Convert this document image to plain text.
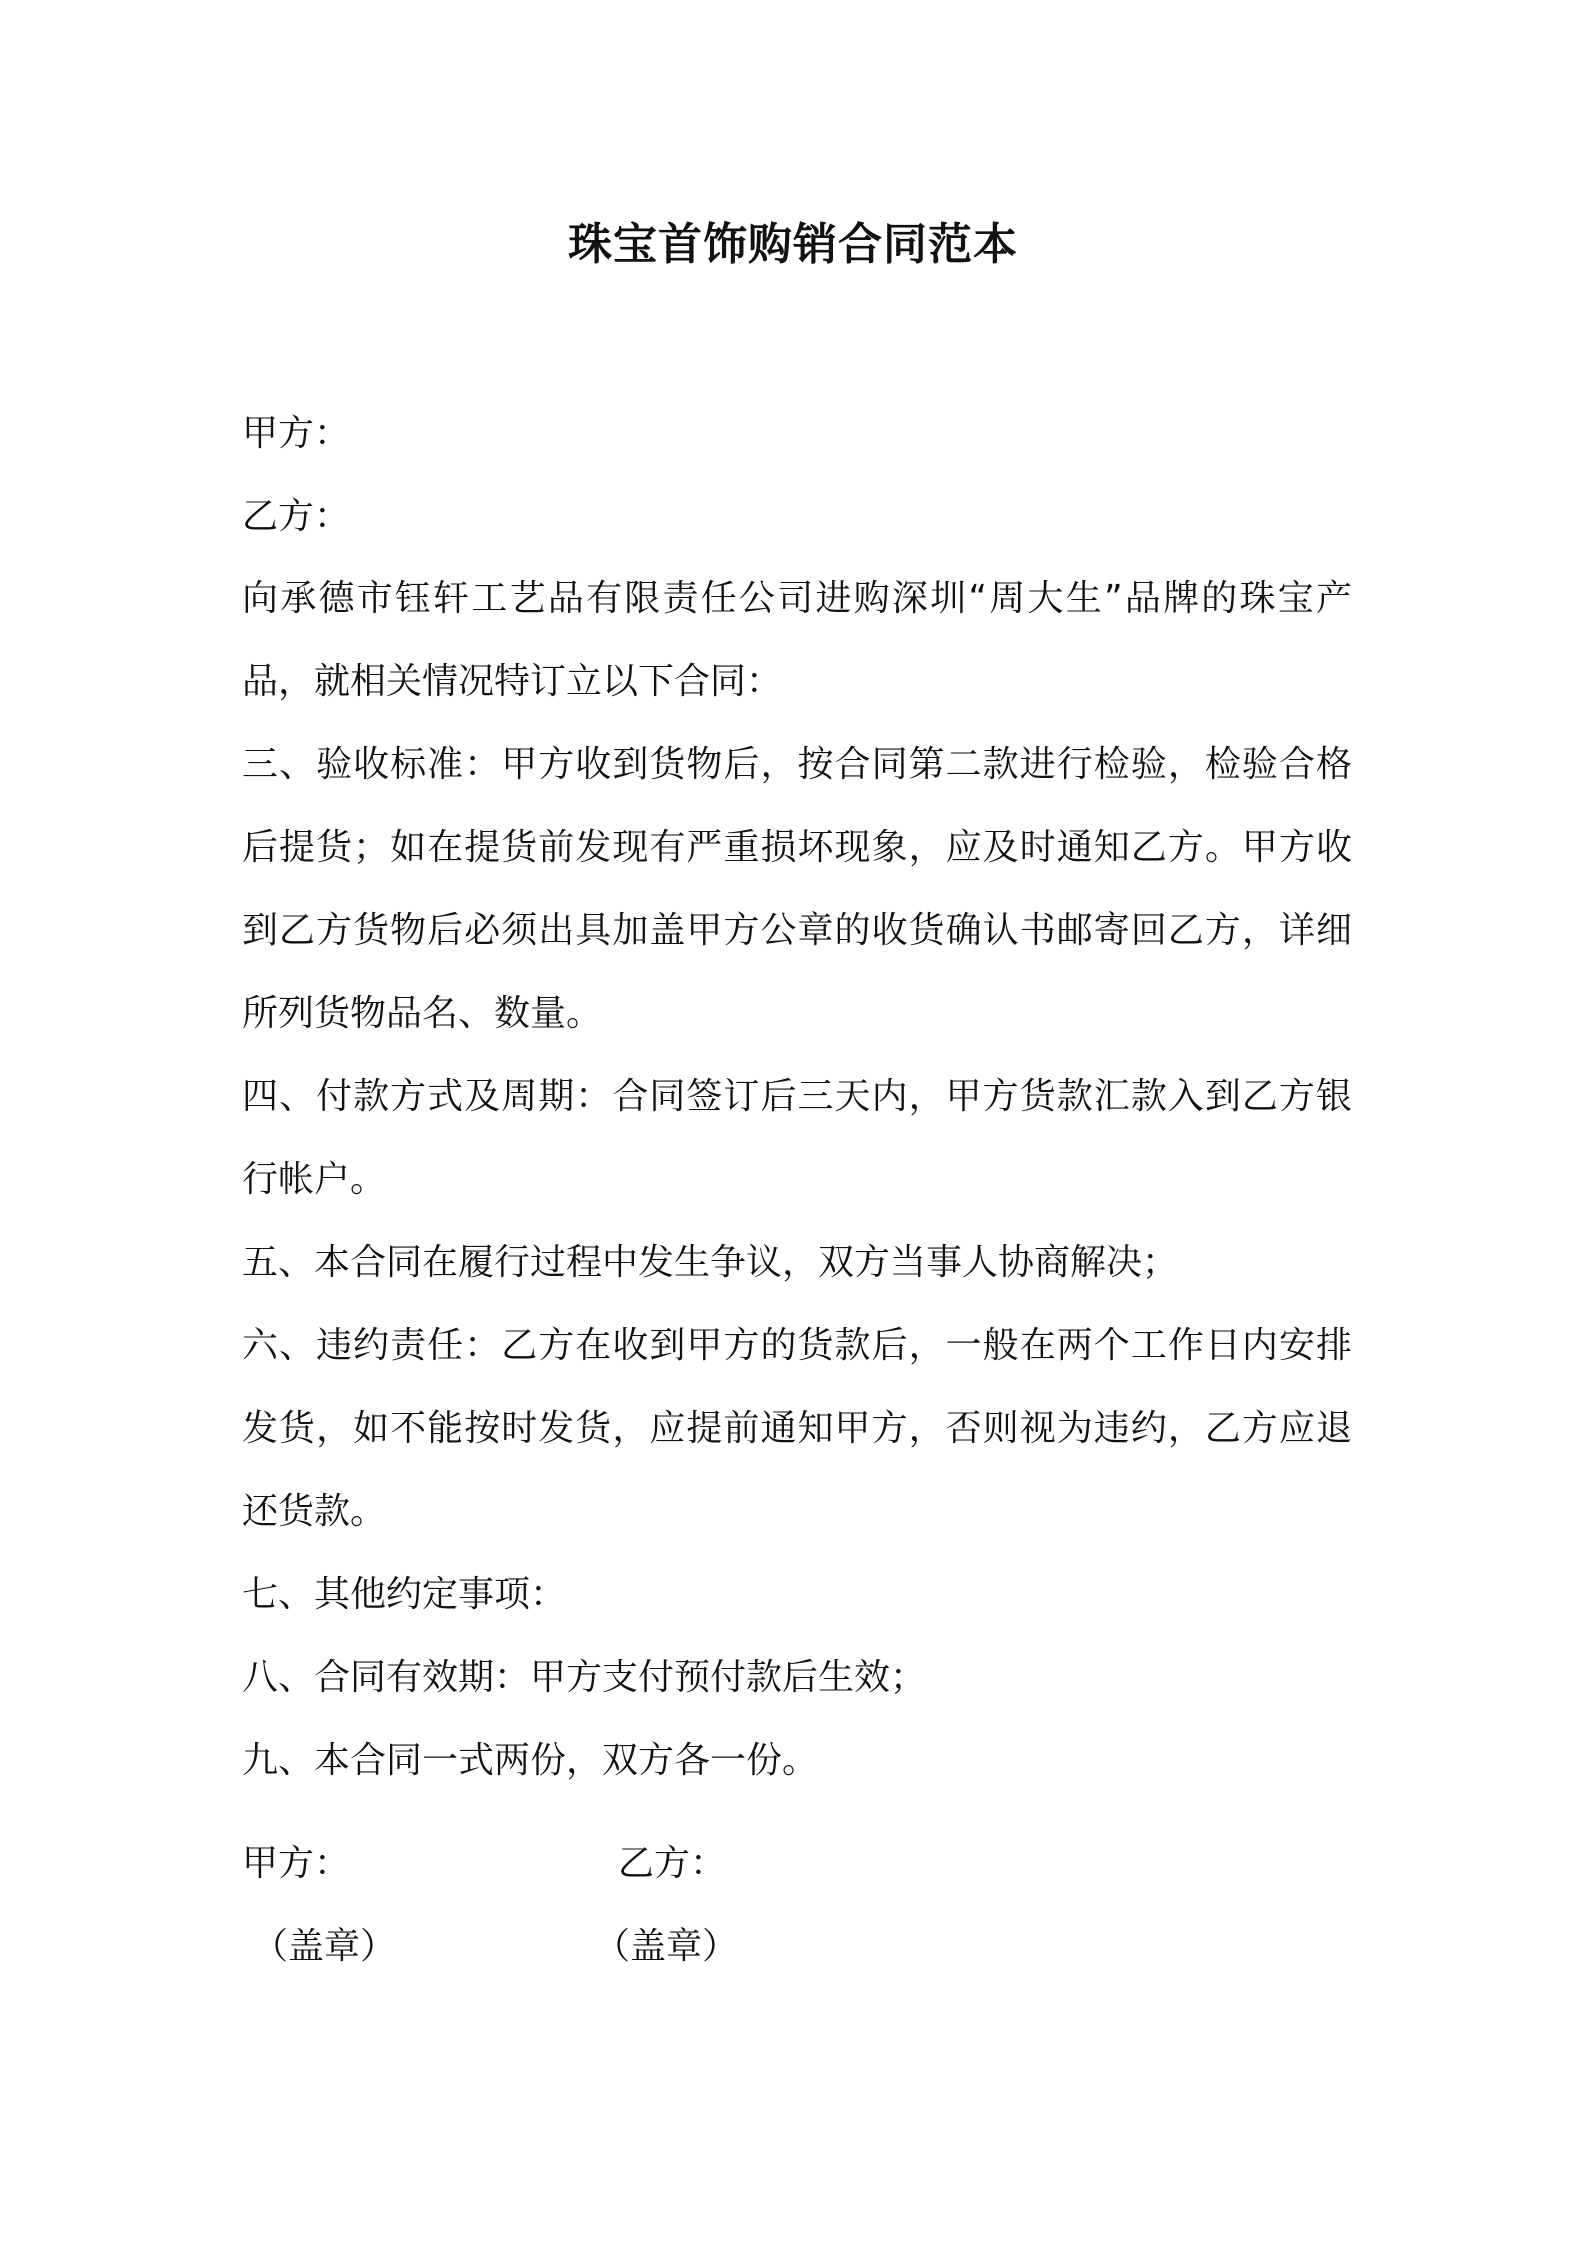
珠宝首饰购销合同范本
甲方：
乙方：

向承德市钰轩工艺品有限责任公司进购深圳“周大生”品牌的珠宝产品，就相关情况特订立以下合同：

三、验收标准：甲方收到货物后，按合同第二款进行检验，检验合格后提货；如在提货前发现有严重损坏现象，应及时通知乙方。甲方收到乙方货物后必须出具加盖甲方公章的收货确认书邮寄回乙方，详细所列货物品名、数量。

四、付款方式及周期：合同签订后三天内，甲方货款汇款入到乙方银行帐户。

五、本合同在履行过程中发生争议，双方当事人协商解决；

六、违约责任：乙方在收到甲方的货款后，一般在两个工作日内安排发货，如不能按时发货，应提前通知甲方，否则视为违约，乙方应退还货款。

七、其他约定事项：

八、合同有效期：甲方支付预付款后生效；

九、本合同一式两份，双方各一份。

甲方：	乙方：
（盖章）	（盖章）
